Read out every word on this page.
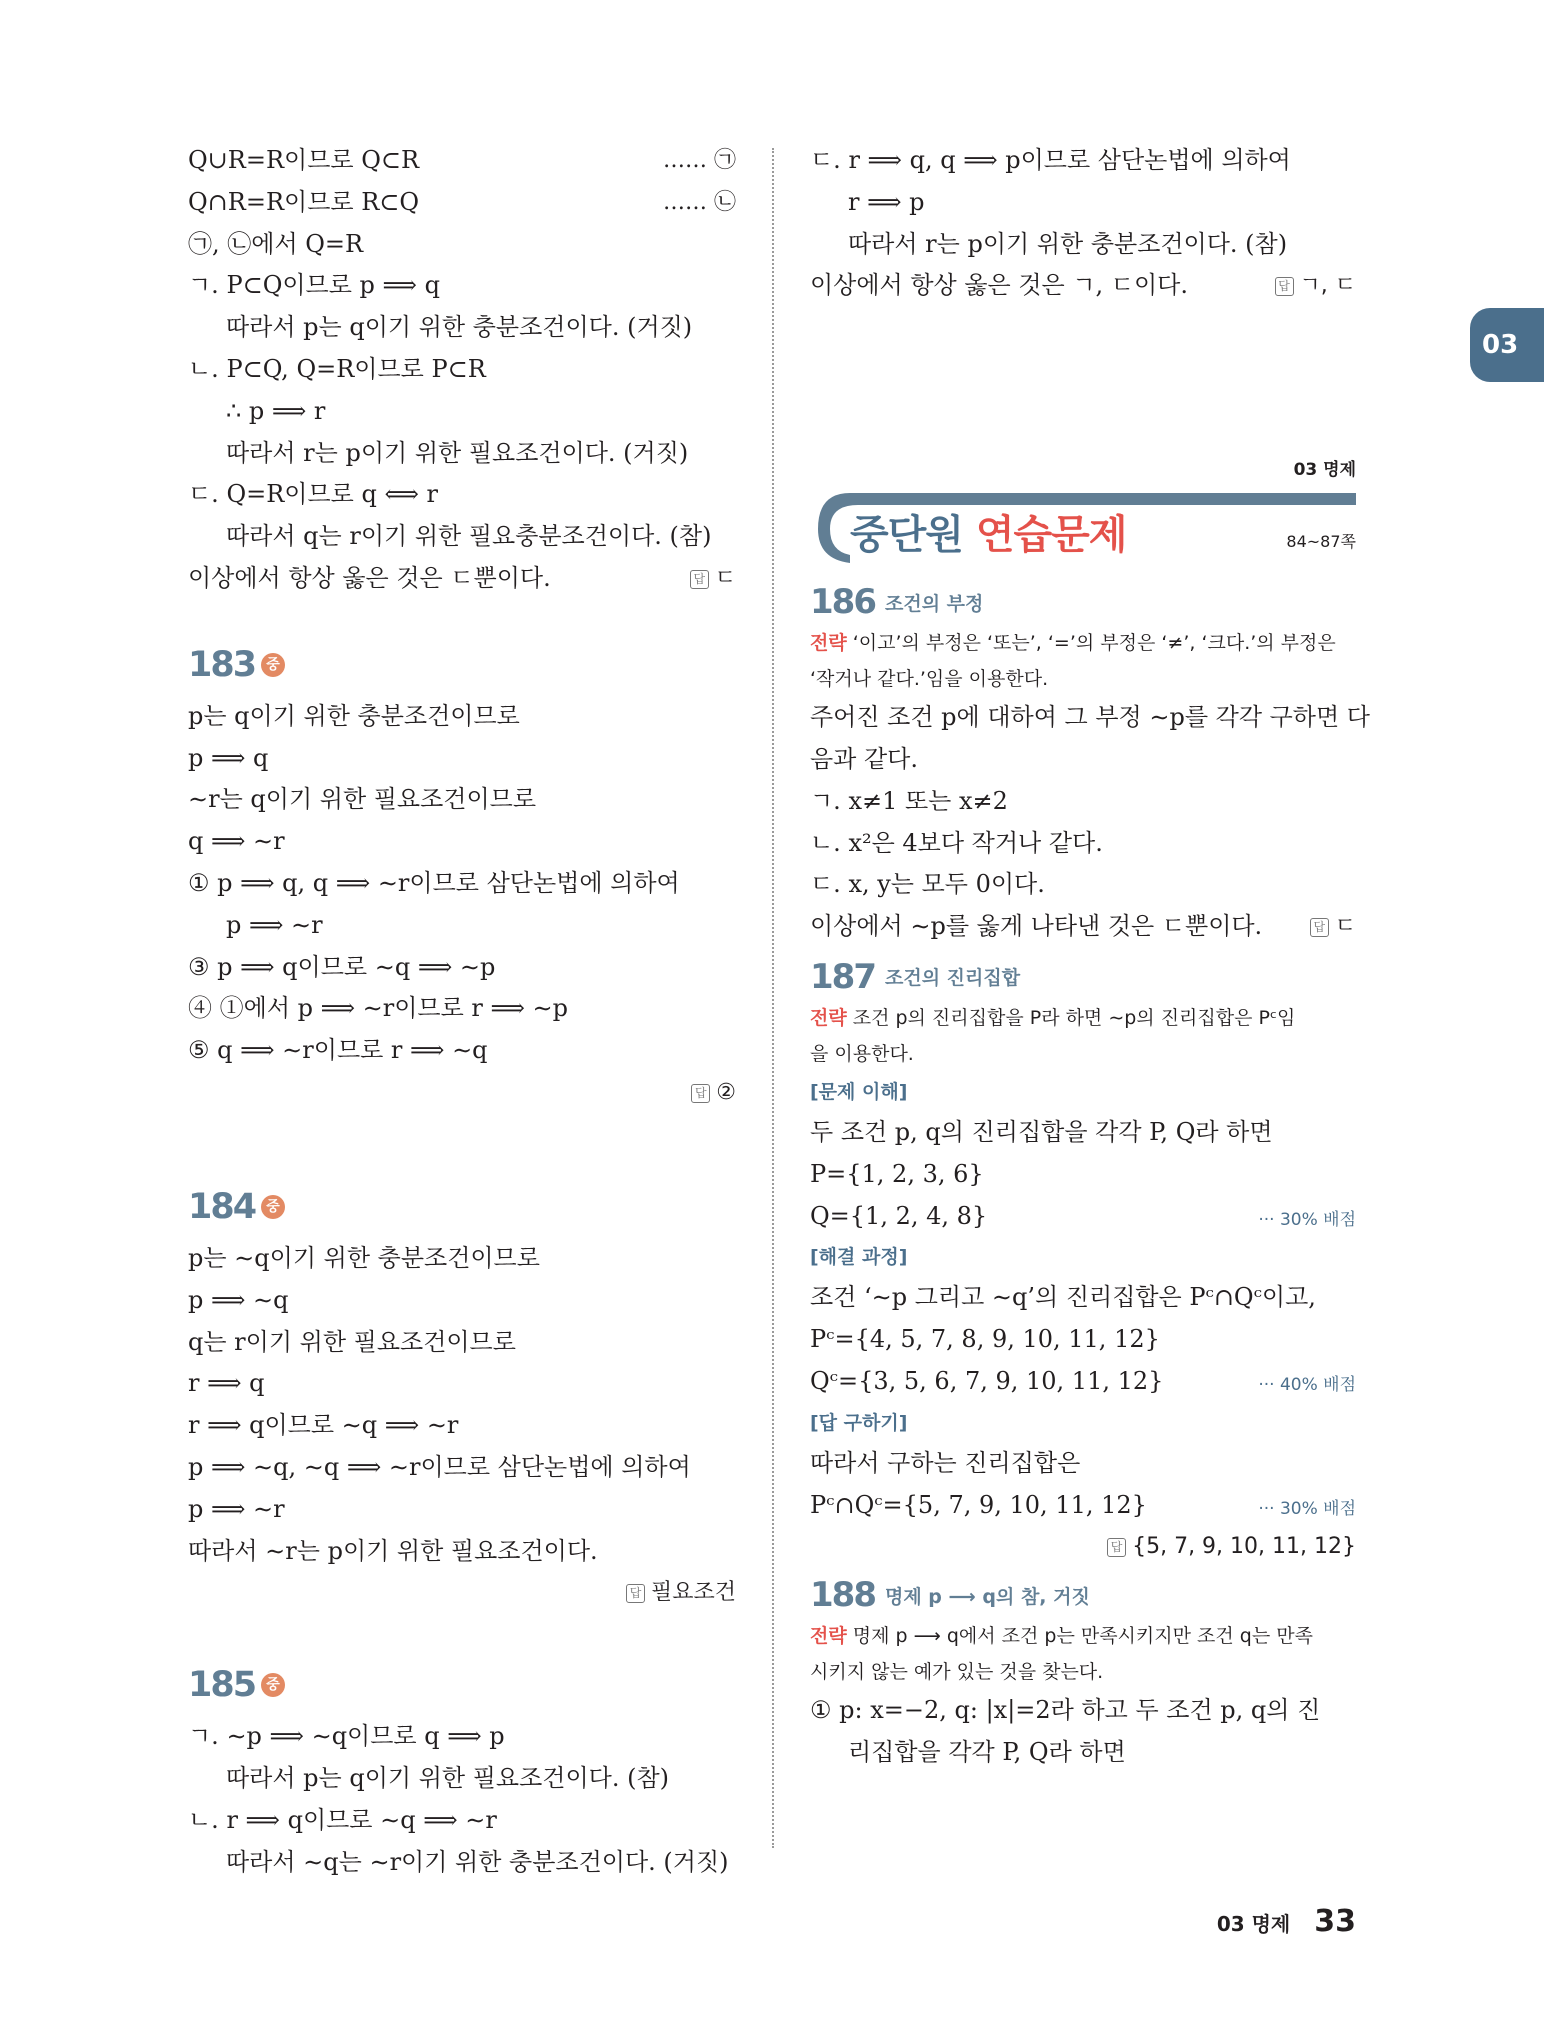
03
Q∪R=R이므로 Q⊂R	…… ㉠
Q∩R=R이므로 R⊂Q	…… ㉡
㉠, ㉡에서 Q=R
ㄱ. P⊂Q이므로 p ⟹ q
따라서 p는 q이기 위한 충분조건이다. (거짓)
ㄴ. P⊂Q, Q=R이므로 P⊂R
∴ p ⟹ r
따라서 r는 p이기 위한 필요조건이다. (거짓)
ㄷ. Q=R이므로 q ⟺ r
따라서 q는 r이기 위한 필요충분조건이다. (참)
이상에서 항상 옳은 것은 ㄷ뿐이다.	답 ㄷ
183 중
p는 q이기 위한 충분조건이므로
p ⟹ q
∼r는 q이기 위한 필요조건이므로
q ⟹ ∼r
① p ⟹ q, q ⟹ ∼r이므로 삼단논법에 의하여
p ⟹ ∼r
③ p ⟹ q이므로 ∼q ⟹ ∼p
④ ①에서 p ⟹ ∼r이므로 r ⟹ ∼p
⑤ q ⟹ ∼r이므로 r ⟹ ∼q
답 ②
184 중
p는 ∼q이기 위한 충분조건이므로
p ⟹ ∼q
q는 r이기 위한 필요조건이므로
r ⟹ q
r ⟹ q이므로 ∼q ⟹ ∼r
p ⟹ ∼q, ∼q ⟹ ∼r이므로 삼단논법에 의하여
p ⟹ ∼r
따라서 ∼r는 p이기 위한 필요조건이다.
답 필요조건
185 중
ㄱ. ∼p ⟹ ∼q이므로 q ⟹ p
따라서 p는 q이기 위한 필요조건이다. (참)
ㄴ. r ⟹ q이므로 ∼q ⟹ ∼r
따라서 ∼q는 ∼r이기 위한 충분조건이다. (거짓)
ㄷ. r ⟹ q, q ⟹ p이므로 삼단논법에 의하여
r ⟹ p
따라서 r는 p이기 위한 충분조건이다. (참)
이상에서 항상 옳은 것은 ㄱ, ㄷ이다.	답 ㄱ, ㄷ
03 명제
중단원 연습문제	84~87쪽
186 조건의 부정
전략 ‘이고’의 부정은 ‘또는’, ‘=’의 부정은 ‘≠’, ‘크다.’의 부정은
‘작거나 같다.’임을 이용한다.
주어진 조건 p에 대하여 그 부정 ∼p를 각각 구하면 다
음과 같다.
ㄱ. x≠1 또는 x≠2
ㄴ. x²은 4보다 작거나 같다.
ㄷ. x, y는 모두 0이다.
이상에서 ∼p를 옳게 나타낸 것은 ㄷ뿐이다.	답 ㄷ
187 조건의 진리집합
전략 조건 p의 진리집합을 P라 하면 ∼p의 진리집합은 Pᶜ임
을 이용한다.
[문제 이해]
두 조건 p, q의 진리집합을 각각 P, Q라 하면
P={1, 2, 3, 6}
Q={1, 2, 4, 8}	··· 30% 배점
[해결 과정]
조건 ‘∼p 그리고 ∼q’의 진리집합은 Pᶜ∩Qᶜ이고,
Pᶜ={4, 5, 7, 8, 9, 10, 11, 12}
Qᶜ={3, 5, 6, 7, 9, 10, 11, 12}	··· 40% 배점
[답 구하기]
따라서 구하는 진리집합은
Pᶜ∩Qᶜ={5, 7, 9, 10, 11, 12}	··· 30% 배점
답 {5, 7, 9, 10, 11, 12}
188 명제 p ⟶ q의 참, 거짓
전략 명제 p ⟶ q에서 조건 p는 만족시키지만 조건 q는 만족
시키지 않는 예가 있는 것을 찾는다.
① p: x=−2, q: |x|=2라 하고 두 조건 p, q의 진
리집합을 각각 P, Q라 하면
03 명제 33
